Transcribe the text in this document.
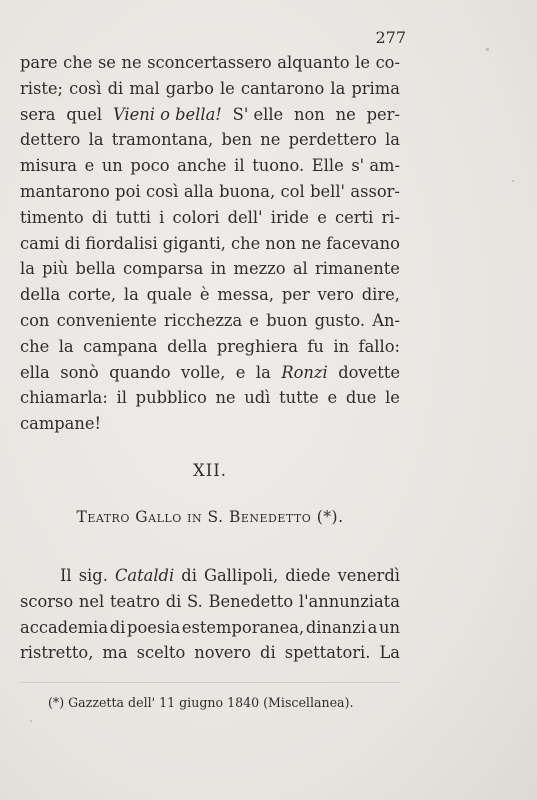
277
pare che se ne sconcertassero alquanto le co-
riste; così di mal garbo le cantarono la prima
sera quel Vieni o bella! S' elle non ne per-
dettero la tramontana, ben ne perdettero la
misura e un poco anche il tuono. Elle s' am-
mantarono poi così alla buona, col bell' assor-
timento di tutti i colori dell' iride e certi ri-
cami di fiordalisi giganti, che non ne facevano
la più bella comparsa in mezzo al rimanente
della corte, la quale è messa, per vero dire,
con conveniente ricchezza e buon gusto. An-
che la campana della preghiera fu in fallo:
ella sonò quando volle, e la Ronzi dovette
chiamarla: il pubblico ne udì tutte e due le
campane!
XII.
Teatro Gallo in S. Benedetto (*).
Il sig. Cataldi di Gallipoli, diede venerdì
scorso nel teatro di S. Benedetto l'annunziata
accademia di poesia estemporanea, dinanzi a un
ristretto, ma scelto novero di spettatori. La
(*) Gazzetta dell' 11 giugno 1840 (Miscellanea).
